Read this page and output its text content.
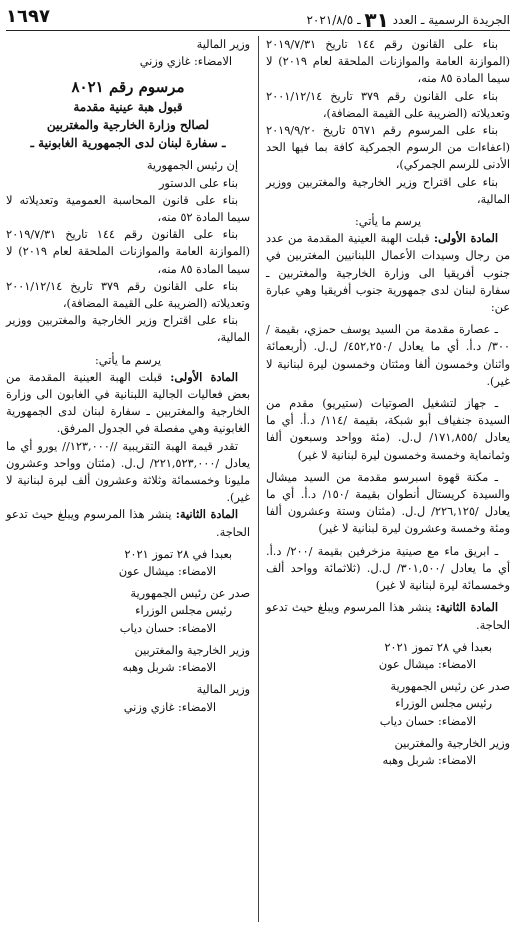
الجريدة الرسمية ـ العدد ٣١ ـ ٢٠٢١/٨/٥
١٦٩٧

بناء على القانون رقم ١٤٤ تاريخ ٢٠١٩/٧/٣١ (الموازنة العامة والموازنات الملحقة لعام ٢٠١٩) لا سيما المادة ٨٥ منه،

بناء على القانون رقم ٣٧٩ تاريخ ٢٠٠١/١٢/١٤ وتعديلاته (الضريبة على القيمة المضافة)،

بناء على المرسوم رقم ٥٦٧١ تاريخ ٢٠١٩/٩/٢٠ (اعفاءات من الرسوم الجمركية كافة بما فيها الحد الأدنى للرسم الجمركي)،

بناء على اقتراح وزير الخارجية والمغتربين ووزير المالية،

يرسم ما يأتي:

المادة الأولى: قبلت الهبة العينية المقدمة من عدد من رجال وسيدات الأعمال اللبنانيين المغتربين في جنوب أفريقيا الى وزارة الخارجية والمغتربين ـ سفارة لبنان لدى جمهورية جنوب أفريقيا وهي عبارة عن:

ـ عصارة مقدمة من السيد يوسف حمزي، بقيمة /٣٠٠/ د.أ. أي ما يعادل /٤٥٢,٢٥٠/ ل.ل. (أربعمائة واثنان وخمسون ألفا ومئتان وخمسون ليرة لبنانية لا غير).

ـ جهاز لتشغيل الصوتيات (ستيريو) مقدم من السيدة جنفياف أبو شبكة، بقيمة /١١٤/ د.أ. أي ما يعادل /١٧١,٨٥٥/ ل.ل. (مئة وواحد وسبعون ألفا وثمانماية وخمسة وخمسون ليرة لبنانية لا غير)

ـ مكنة قهوة اسبرسو مقدمة من السيد ميشال والسيدة كريستال أنطوان بقيمة /١٥٠/ د.أ. أي ما يعادل /٢٢٦,١٢٥/ ل.ل. (مئتان وستة وعشرون ألفا ومئة وخمسة وعشرون ليرة لبنانية لا غير)

ـ ابريق ماء مع صينية مزخرفين بقيمة /٢٠٠/ د.أ. أي ما يعادل /٣٠١,٥٠٠/ ل.ل. (ثلاثمائة وواحد ألف وخمسمائة ليرة لبنانية لا غير)

المادة الثانية: ينشر هذا المرسوم ويبلغ حيث تدعو الحاجة.

بعبدا في ٢٨ تموز ٢٠٢١

الامضاء: ميشال عون

صدر عن رئيس الجمهورية

رئيس مجلس الوزراء

الامضاء: حسان دياب

وزير الخارجية والمغتربين

الامضاء: شربل وهبه

وزير المالية

الامضاء: غازي وزني

مرسوم رقم ٨٠٢١

قبول هبة عينية مقدمة

لصالح وزارة الخارجية والمغتربين

ـ سفارة لبنان لدى الجمهورية الغابونية ـ

إن رئيس الجمهورية

بناء على الدستور

بناء على قانون المحاسبة العمومية وتعديلاته لا سيما المادة ٥٢ منه،

بناء على القانون رقم ١٤٤ تاريخ ٢٠١٩/٧/٣١ (الموازنة العامة والموازنات الملحقة لعام ٢٠١٩) لا سيما المادة ٨٥ منه،

بناء على القانون رقم ٣٧٩ تاريخ ٢٠٠١/١٢/١٤ وتعديلاته (الضريبة على القيمة المضافة)،

بناء على اقتراح وزير الخارجية والمغتربين ووزير المالية،

يرسم ما يأتي:

المادة الأولى: قبلت الهبة العينية المقدمة من بعض فعاليات الجالية اللبنانية في الغابون الى وزارة الخارجية والمغتربين ـ سفارة لبنان لدى الجمهورية الغابونية وهي مفصلة في الجدول المرفق.

تقدر قيمة الهبة التقريبية //١٢٣,٠٠٠// يورو أي ما يعادل /٢٢١,٥٢٣,٠٠٠/ ل.ل. (مئتان وواحد وعشرون مليونا وخمسمائة وثلاثة وعشرون ألف ليرة لبنانية لا غير).

المادة الثانية: ينشر هذا المرسوم ويبلغ حيث تدعو الحاجة.

بعبدا في ٢٨ تموز ٢٠٢١

الامضاء: ميشال عون

صدر عن رئيس الجمهورية

رئيس مجلس الوزراء

الامضاء: حسان دياب

وزير الخارجية والمغتربين

الامضاء: شربل وهبه

وزير المالية

الامضاء: غازي وزني
